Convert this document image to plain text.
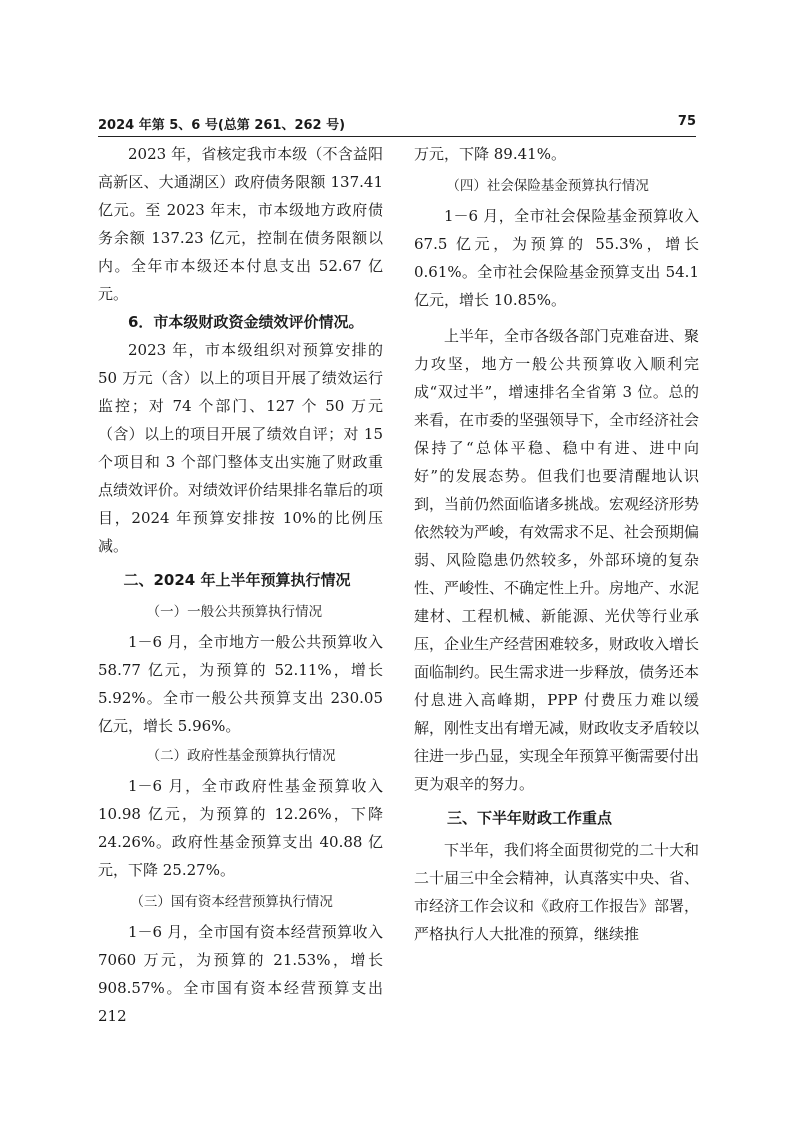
2024 年第 5、6 号(总第 261、262 号)	75

2023 年，省核定我市本级（不含益阳高新区、大通湖区）政府债务限额 137.41 亿元。至 2023 年末，市本级地方政府债务余额 137.23 亿元，控制在债务限额以内。全年市本级还本付息支出 52.67 亿元。

6．市本级财政资金绩效评价情况。

2023 年，市本级组织对预算安排的 50 万元（含）以上的项目开展了绩效运行监控；对 74 个部门、127 个 50 万元（含）以上的项目开展了绩效自评；对 15 个项目和 3 个部门整体支出实施了财政重点绩效评价。对绩效评价结果排名靠后的项目，2024 年预算安排按 10%的比例压减。

二、2024 年上半年预算执行情况

（一）一般公共预算执行情况

1－6 月，全市地方一般公共预算收入 58.77 亿元，为预算的 52.11%，增长 5.92%。全市一般公共预算支出 230.05 亿元，增长 5.96%。

（二）政府性基金预算执行情况

1－6 月，全市政府性基金预算收入 10.98 亿元，为预算的 12.26%，下降 24.26%。政府性基金预算支出 40.88 亿元，下降 25.27%。

（三）国有资本经营预算执行情况

1－6 月，全市国有资本经营预算收入 7060 万元，为预算的 21.53%，增长 908.57%。全市国有资本经营预算支出 212

万元，下降 89.41%。

（四）社会保险基金预算执行情况

1－6 月，全市社会保险基金预算收入 67.5 亿元，为预算的 55.3%，增长 0.61%。全市社会保险基金预算支出 54.1 亿元，增长 10.85%。

上半年，全市各级各部门克难奋进、聚力攻坚，地方一般公共预算收入顺利完成“双过半”，增速排名全省第 3 位。总的来看，在市委的坚强领导下，全市经济社会保持了“总体平稳、稳中有进、进中向好”的发展态势。但我们也要清醒地认识到，当前仍然面临诸多挑战。宏观经济形势依然较为严峻，有效需求不足、社会预期偏弱、风险隐患仍然较多，外部环境的复杂性、严峻性、不确定性上升。房地产、水泥建材、工程机械、新能源、光伏等行业承压，企业生产经营困难较多，财政收入增长面临制约。民生需求进一步释放，债务还本付息进入高峰期，PPP 付费压力难以缓解，刚性支出有增无减，财政收支矛盾较以往进一步凸显，实现全年预算平衡需要付出更为艰辛的努力。

三、下半年财政工作重点

下半年，我们将全面贯彻党的二十大和二十届三中全会精神，认真落实中央、省、市经济工作会议和《政府工作报告》部署，严格执行人大批准的预算，继续推
